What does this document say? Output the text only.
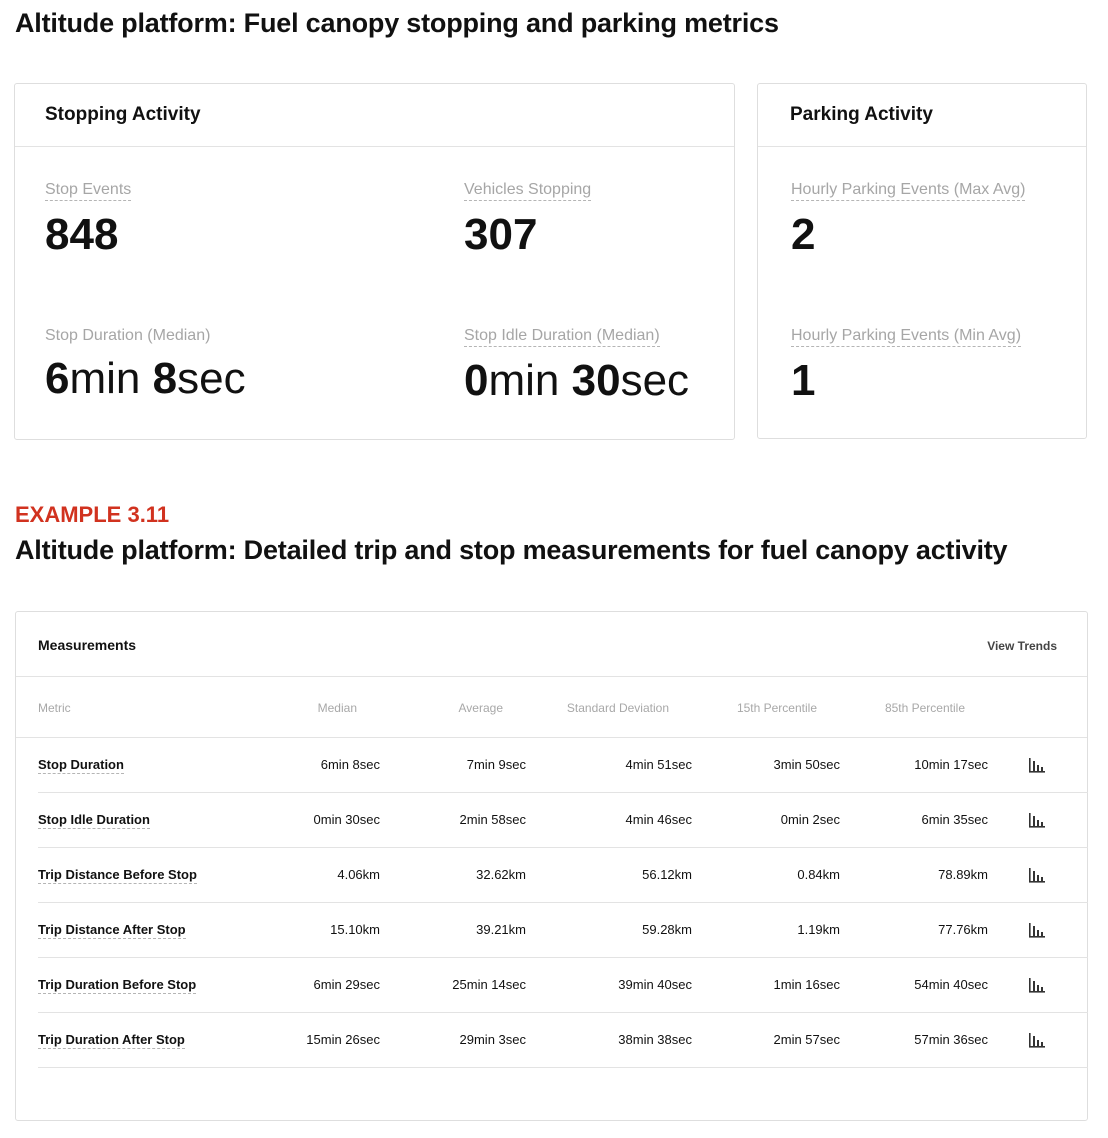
Altitude platform: Fuel canopy stopping and parking metrics
Stopping Activity
Stop Events
848
Vehicles Stopping
307
Stop Duration (Median)
6min 8sec
Stop Idle Duration (Median)
0min 30sec
Parking Activity
Hourly Parking Events (Max Avg)
2
Hourly Parking Events (Min Avg)
1
EXAMPLE 3.11
Altitude platform: Detailed trip and stop measurements for fuel canopy activity
Measurements	View Trends
Metric	Median	Average	Standard Deviation	15th Percentile	85th Percentile
Stop Duration	6min 8sec	7min 9sec	4min 51sec	3min 50sec	10min 17sec
Stop Idle Duration	0min 30sec	2min 58sec	4min 46sec	0min 2sec	6min 35sec
Trip Distance Before Stop	4.06km	32.62km	56.12km	0.84km	78.89km
Trip Distance After Stop	15.10km	39.21km	59.28km	1.19km	77.76km
Trip Duration Before Stop	6min 29sec	25min 14sec	39min 40sec	1min 16sec	54min 40sec
Trip Duration After Stop	15min 26sec	29min 3sec	38min 38sec	2min 57sec	57min 36sec
